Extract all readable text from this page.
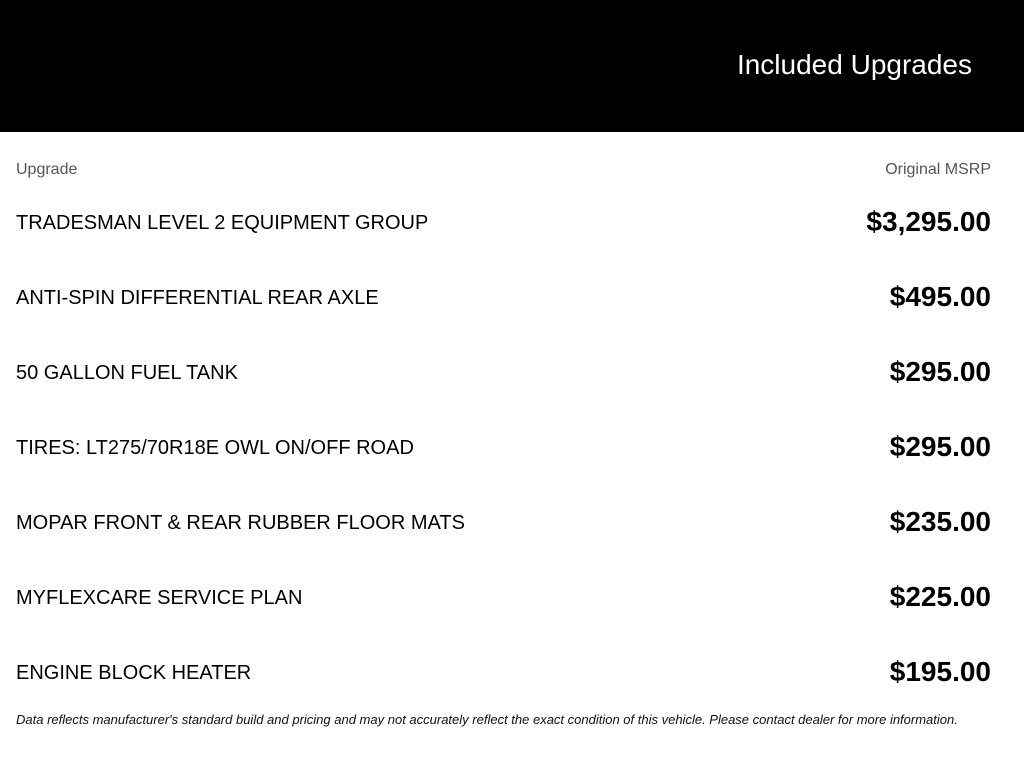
Included Upgrades
Upgrade	Original MSRP
TRADESMAN LEVEL 2 EQUIPMENT GROUP	$3,295.00
ANTI-SPIN DIFFERENTIAL REAR AXLE	$495.00
50 GALLON FUEL TANK	$295.00
TIRES: LT275/70R18E OWL ON/OFF ROAD	$295.00
MOPAR FRONT & REAR RUBBER FLOOR MATS	$235.00
MYFLEXCARE SERVICE PLAN	$225.00
ENGINE BLOCK HEATER	$195.00
Data reflects manufacturer's standard build and pricing and may not accurately reflect the exact condition of this vehicle. Please contact dealer for more information.
